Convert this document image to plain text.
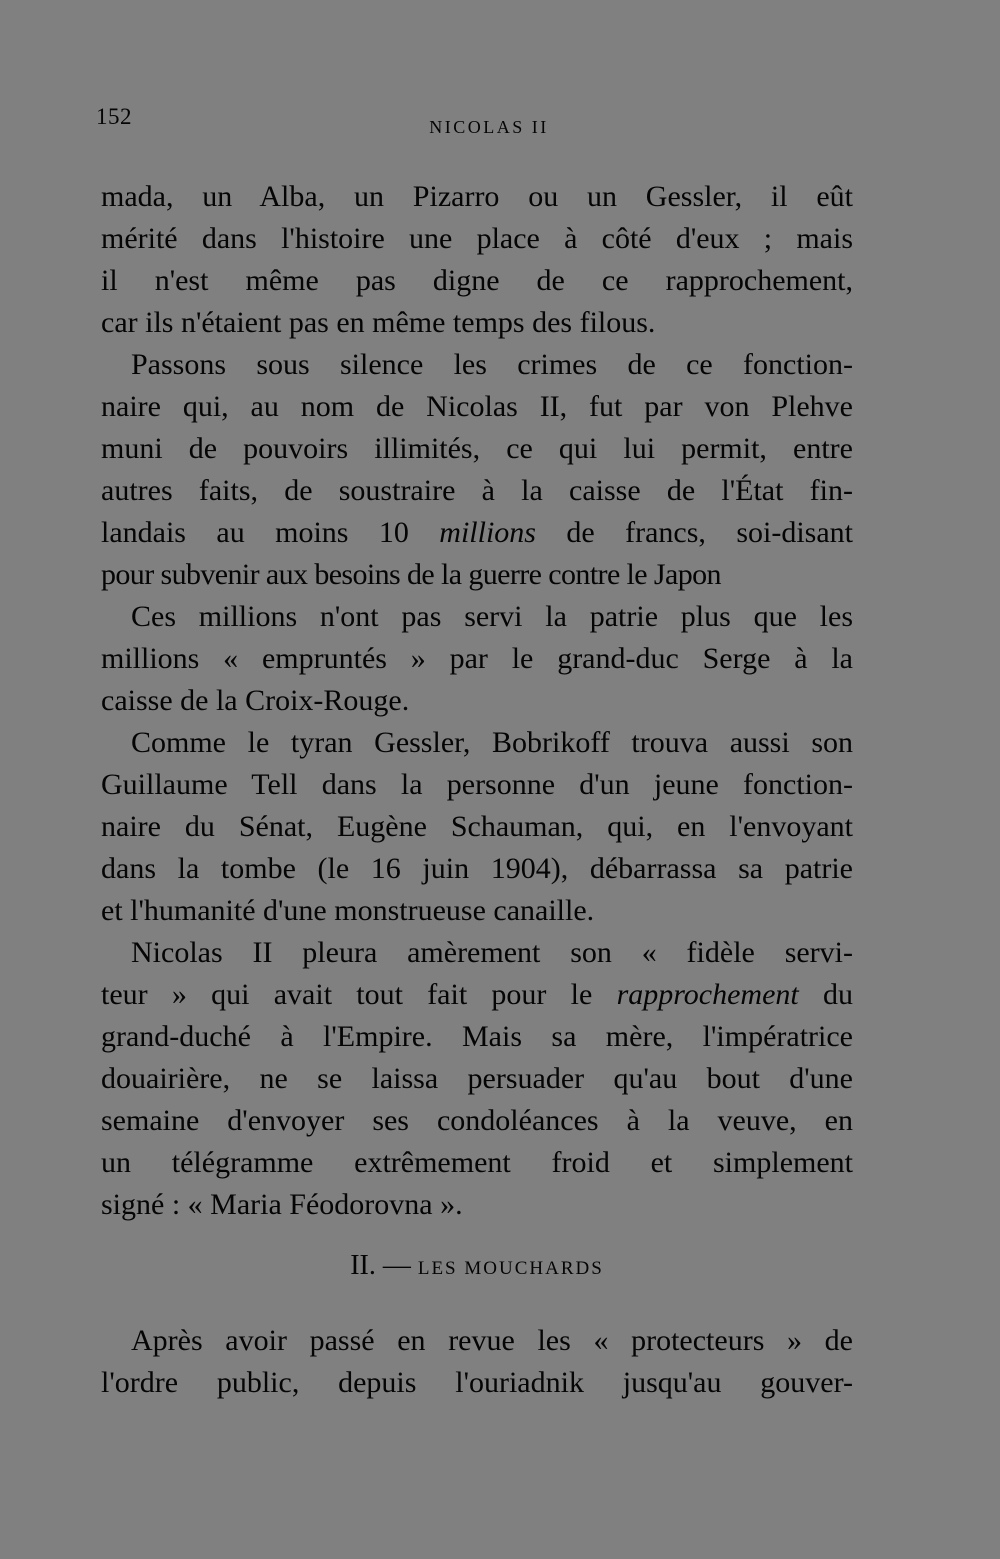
152	NICOLAS II
mada, un Alba, un Pizarro ou un Gessler, il eût
mérité dans l'histoire une place à côté d'eux ; mais
il n'est même pas digne de ce rapprochement,
car ils n'étaient pas en même temps des filous.
Passons sous silence les crimes de ce fonction-
naire qui, au nom de Nicolas II, fut par von Plehve
muni de pouvoirs illimités, ce qui lui permit, entre
autres faits, de soustraire à la caisse de l'État fin-
landais au moins 10 millions de francs, soi-disant
pour subvenir aux besoins de la guerre contre le Japon
Ces millions n'ont pas servi la patrie plus que les
millions « empruntés » par le grand-duc Serge à la
caisse de la Croix-Rouge.
Comme le tyran Gessler, Bobrikoff trouva aussi son
Guillaume Tell dans la personne d'un jeune fonction-
naire du Sénat, Eugène Schauman, qui, en l'envoyant
dans la tombe (le 16 juin 1904), débarrassa sa patrie
et l'humanité d'une monstrueuse canaille.
Nicolas II pleura amèrement son « fidèle servi-
teur » qui avait tout fait pour le rapprochement du
grand-duché à l'Empire. Mais sa mère, l'impératrice
douairière, ne se laissa persuader qu'au bout d'une
semaine d'envoyer ses condoléances à la veuve, en
un télégramme extrêmement froid et simplement
signé : « Maria Féodorovna ».
II. — LES MOUCHARDS
Après avoir passé en revue les « protecteurs » de
l'ordre public, depuis l'ouriadnik jusqu'au gouver-
